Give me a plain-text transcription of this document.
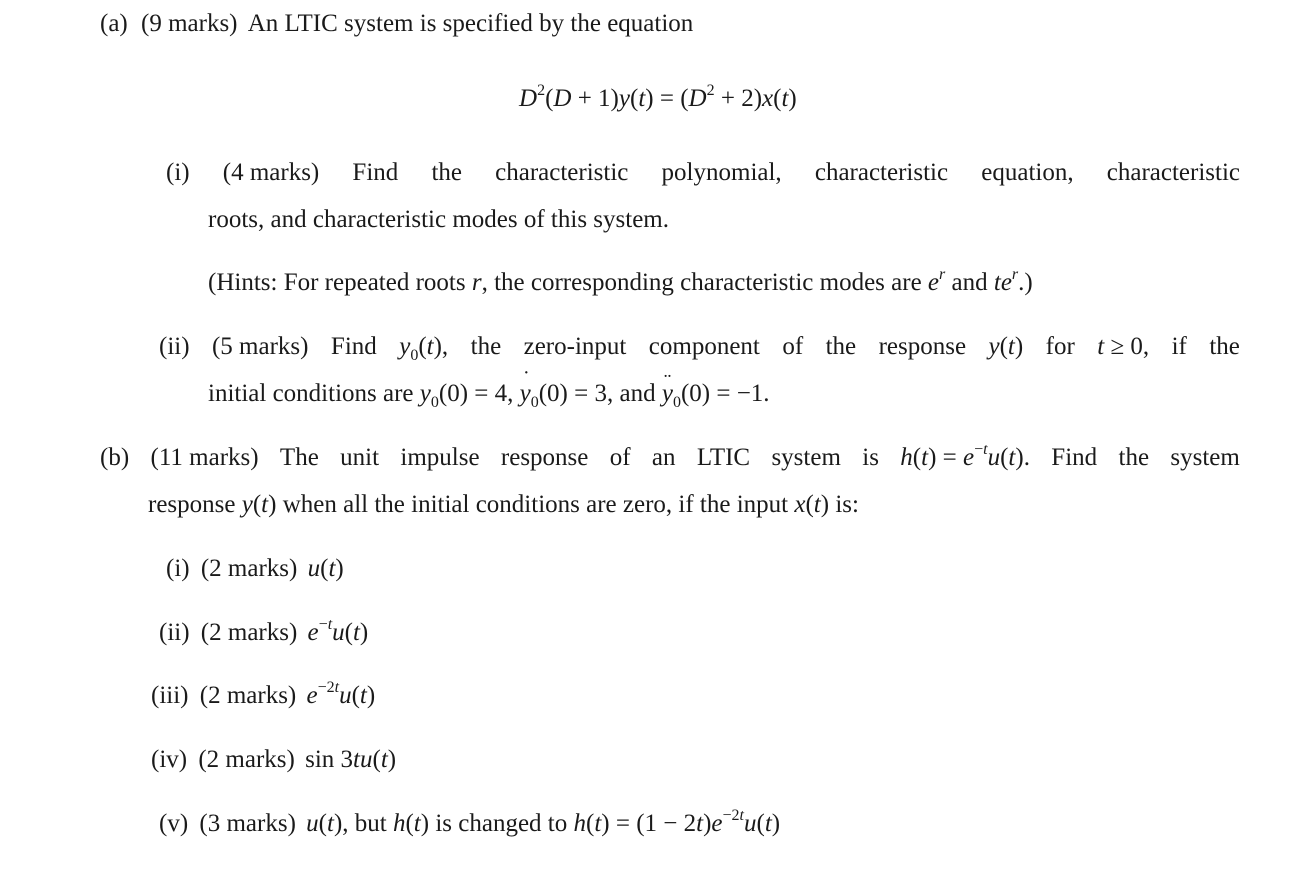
(a) (9 marks) An LTIC system is specified by the equation
$D^2(D + 1)y(t) = (D^2 + 2)x(t)$
(i) (4 marks) Find the characteristic polynomial, characteristic equation, characteristic
roots, and characteristic modes of this system.
(Hints: For repeated roots r, the corresponding characteristic modes are $e^r$ and $te^r$.)
(ii) (5 marks) Find $y_0(t)$, the zero-input component of the response y(t) for t ≥ 0, if the
initial conditions are $y_0(0) = 4$, y $˙_0(0) = 3$, and y $¨_0(0) = -1$.
(b) (11 marks) The unit impulse response of an LTIC system is $h(t) = e^{-t}u(t)$. Find the system
response y(t) when all the initial conditions are zero, if the input x(t) is:
(i) (2 marks) u(t)
(ii) (2 marks) $e^{-t}u(t)$
(iii) (2 marks) $e^{-2t}u(t)$
(iv) (2 marks) sin 3tu(t)
(v) (3 marks) u(t), but h(t) is changed to $h(t) = (1 - 2t)e^{-2t}u(t)$
